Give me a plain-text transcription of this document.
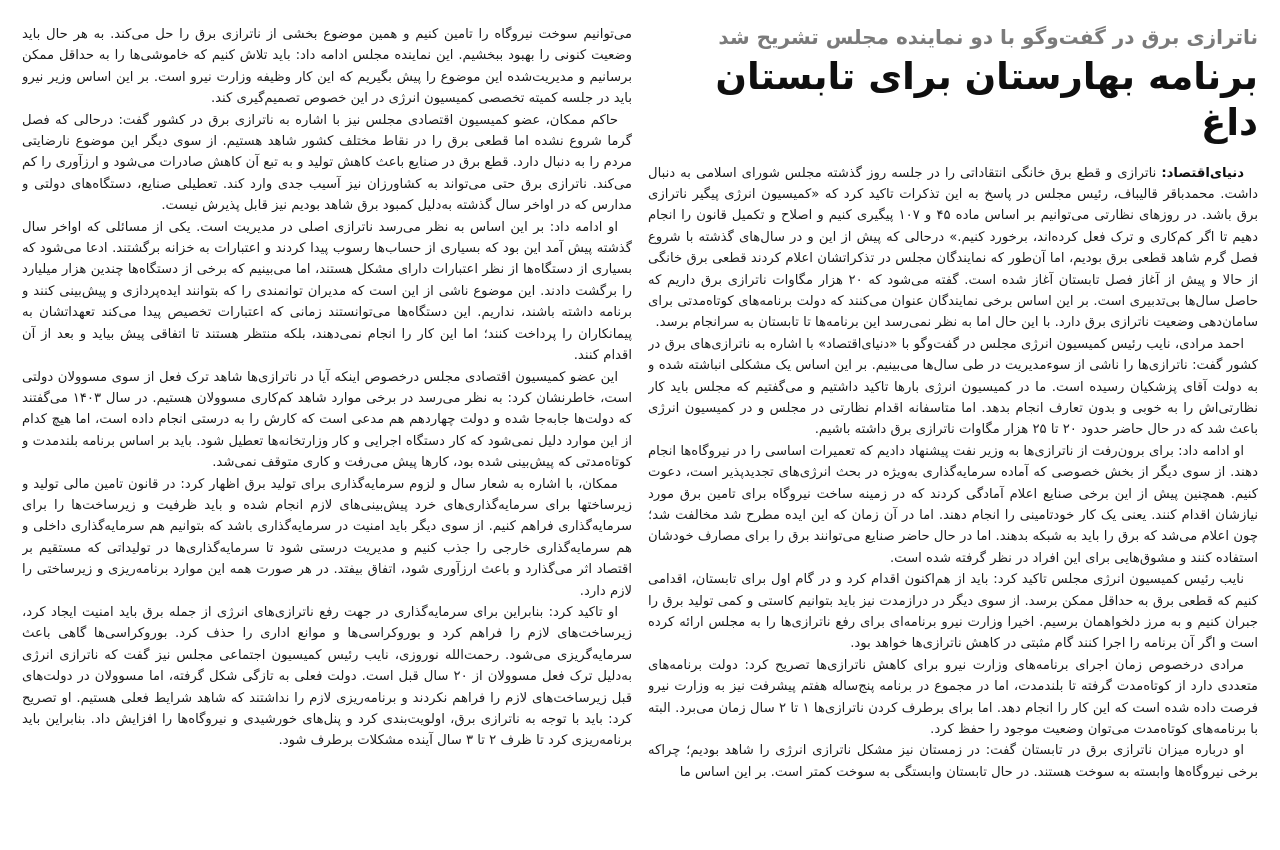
ناترازی برق در گفت‌وگو با دو نماینده مجلس تشریح شد
برنامه بهارستان برای تابستان داغ

دنیای‌اقتصاد: ناترازی و قطع برق خانگی انتقاداتی را در جلسه روز گذشته مجلس شورای اسلامی به دنبال داشت. محمدباقر قالیباف، رئیس مجلس در پاسخ به این تذکرات تاکید کرد که «کمیسیون انرژی پیگیر ناترازی برق باشد. در روزهای نظارتی می‌توانیم بر اساس ماده ۴۵ و ۱۰۷ پیگیری کنیم و اصلاح و تکمیل قانون را انجام دهیم تا اگر کم‌کاری و ترک فعل کرده‌اند، برخورد کنیم.» درحالی که پیش از این و در سال‌های گذشته با شروع فصل گرم شاهد قطعی برق بودیم، اما آن‌طور که نمایندگان مجلس در تذکراتشان اعلام کردند قطعی برق خانگی از حالا و پیش از آغاز فصل تابستان آغاز شده است. گفته می‌شود که ۲۰ هزار مگاوات ناترازی برق داریم که حاصل سال‌ها بی‌تدبیری است. بر این اساس برخی نمایندگان عنوان می‌کنند که دولت برنامه‌های کوتاه‌مدتی برای سامان‌دهی وضعیت ناترازی برق دارد. با این حال اما به نظر نمی‌رسد این برنامه‌ها تا تابستان به سرانجام برسد.

احمد مرادی، نایب رئیس کمیسیون انرژی مجلس در گفت‌وگو با «دنیای‌اقتصاد» با اشاره به ناترازی‌های برق در کشور گفت: ناترازی‌ها را ناشی از سوءمدیریت در طی سال‌ها می‌بینیم. بر این اساس یک مشکلی انباشته شده و به دولت آقای پزشکیان رسیده است. ما در کمیسیون انرژی بارها تاکید داشتیم و می‌گفتیم که مجلس باید کار نظارتی‌اش را به خوبی و بدون تعارف انجام بدهد. اما متاسفانه اقدام نظارتی در مجلس و در کمیسیون انرژی باعث شد که در حال حاضر حدود ۲۰ تا ۲۵ هزار مگاوات ناترازی برق داشته باشیم.

او ادامه داد: برای برون‌رفت از ناترازی‌ها به وزیر نفت پیشنهاد دادیم که تعمیرات اساسی را در نیروگاه‌ها انجام دهند. از سوی دیگر از بخش خصوصی که آماده سرمایه‌گذاری به‌ویژه در بحث انرژی‌های تجدیدپذیر است، دعوت کنیم. همچنین پیش از این برخی صنایع اعلام آمادگی کردند که در زمینه ساخت نیروگاه برای تامین برق مورد نیازشان اقدام کنند. یعنی یک کار خودتامینی را انجام دهند. اما در آن زمان که این ایده مطرح شد مخالفت شد؛ چون اعلام می‌شد که برق را باید به شبکه بدهند. اما در حال حاضر صنایع می‌توانند برق را برای مصارف خودشان استفاده کنند و مشوق‌هایی برای این افراد در نظر گرفته شده است.

نایب رئیس کمیسیون انرژی مجلس تاکید کرد: باید از هم‌اکنون اقدام کرد و در گام اول برای تابستان، اقدامی کنیم که قطعی برق به حداقل ممکن برسد. از سوی دیگر در درازمدت نیز باید بتوانیم کاستی و کمی تولید برق را جبران کنیم و به مرز دلخواهمان برسیم. اخیرا وزارت نیرو برنامه‌ای برای رفع ناترازی‌ها را به مجلس ارائه کرده است و اگر آن برنامه را اجرا کنند گام مثبتی در کاهش ناترازی‌ها خواهد بود.

مرادی درخصوص زمان اجرای برنامه‌های وزارت نیرو برای کاهش ناترازی‌ها تصریح کرد: دولت برنامه‌های متعددی دارد از کوتاه‌مدت گرفته تا بلندمدت، اما در مجموع در برنامه پنج‌ساله هفتم پیشرفت نیز به وزارت نیرو فرصت داده شده است که این کار را انجام دهد. اما برای برطرف کردن ناترازی‌ها ۱ تا ۲ سال زمان می‌برد. البته با برنامه‌های کوتاه‌مدت می‌توان وضعیت موجود را حفظ کرد.

او درباره میزان ناترازی برق در تابستان گفت: در زمستان نیز مشکل ناترازی انرژی را شاهد بودیم؛ چراکه برخی نیروگاه‌ها وابسته به سوخت هستند. در حال تابستان وابستگی به سوخت کمتر است. بر این اساس ما

می‌توانیم سوخت نیروگاه را تامین کنیم و همین موضوع بخشی از ناترازی برق را حل می‌کند. به هر حال باید وضعیت کنونی را بهبود ببخشیم. این نماینده مجلس ادامه داد: باید تلاش کنیم که خاموشی‌ها را به حداقل ممکن برسانیم و مدیریت‌شده این موضوع را پیش بگیریم که این کار وظیفه وزارت نیرو است. بر این اساس وزیر نیرو باید در جلسه کمیته تخصصی کمیسیون انرژی در این خصوص تصمیم‌گیری کند.

حاکم ممکان، عضو کمیسیون اقتصادی مجلس نیز با اشاره به ناترازی برق در کشور گفت: درحالی که فصل گرما شروع نشده اما قطعی برق را در نقاط مختلف کشور شاهد هستیم. از سوی دیگر این موضوع نارضایتی مردم را به دنبال دارد. قطع برق در صنایع باعث کاهش تولید و به تبع آن کاهش صادرات می‌شود و ارزآوری را کم می‌کند. ناترازی برق حتی می‌تواند به کشاورزان نیز آسیب جدی وارد کند. تعطیلی صنایع، دستگاه‌های دولتی و مدارس که در اواخر سال گذشته به‌دلیل کمبود برق شاهد بودیم نیز قابل پذیرش نیست.

او ادامه داد: بر این اساس به نظر می‌رسد ناترازی اصلی در مدیریت است. یکی از مسائلی که اواخر سال گذشته پیش آمد این بود که بسیاری از حساب‌ها رسوب پیدا کردند و اعتبارات به خزانه برگشتند. ادعا می‌شود که بسیاری از دستگاه‌ها از نظر اعتبارات دارای مشکل هستند، اما می‌بینیم که برخی از دستگاه‌ها چندین هزار میلیارد را برگشت دادند. این موضوع ناشی از این است که مدیران توانمندی را که بتوانند ایده‌پردازی و پیش‌بینی کنند و برنامه داشته باشند، نداریم. این دستگاه‌ها می‌توانستند زمانی که اعتبارات تخصیص پیدا می‌کند تعهداتشان به پیمانکاران را پرداخت کنند؛ اما این کار را انجام نمی‌دهند، بلکه منتظر هستند تا اتفاقی پیش بیاید و بعد از آن اقدام کنند.

این عضو کمیسیون اقتصادی مجلس درخصوص اینکه آیا در ناترازی‌ها شاهد ترک فعل از سوی مسوولان دولتی است، خاطرنشان کرد: به نظر می‌رسد در برخی موارد شاهد کم‌کاری مسوولان هستیم. در سال ۱۴۰۳ می‌گفتند که دولت‌ها جابه‌جا شده و دولت چهاردهم هم مدعی است که کارش را به درستی انجام داده است، اما هیچ کدام از این موارد دلیل نمی‌شود که کار دستگاه اجرایی و کار وزارتخانه‌ها تعطیل شود. باید بر اساس برنامه بلندمدت و کوتاه‌مدتی که پیش‌بینی شده بود، کارها پیش می‌رفت و کاری متوقف نمی‌شد.

ممکان، با اشاره به شعار سال و لزوم سرمایه‌گذاری برای تولید برق اظهار کرد: در قانون تامین مالی تولید و زیرساختها برای سرمایه‌گذاری‌های خرد پیش‌بینی‌های لازم انجام شده و باید ظرفیت و زیرساخت‌ها را برای سرمایه‌گذاری فراهم کنیم. از سوی دیگر باید امنیت در سرمایه‌گذاری باشد که بتوانیم هم سرمایه‌گذاری داخلی و هم سرمایه‌گذاری خارجی را جذب کنیم و مدیریت درستی شود تا سرمایه‌گذاری‌ها در تولیداتی که مستقیم بر اقتصاد اثر می‌گذارد و باعث ارزآوری شود، اتفاق بیفتد. در هر صورت همه این موارد برنامه‌ریزی و زیرساختی را لازم دارد.

او تاکید کرد: بنابراین برای سرمایه‌گذاری در جهت رفع ناترازی‌های انرژی از جمله برق باید امنیت ایجاد کرد، زیرساخت‌های لازم را فراهم کرد و بوروکراسی‌ها و موانع اداری را حذف کرد. بوروکراسی‌ها گاهی باعث سرمایه‌گریزی می‌شود. رحمت‌الله نوروزی، نایب رئیس کمیسیون اجتماعی مجلس نیز گفت که ناترازی انرژی به‌دلیل ترک فعل مسوولان از ۲۰ سال قبل است. دولت فعلی به تازگی شکل گرفته، اما مسوولان در دولت‌های قبل زیرساخت‌های لازم را فراهم نکردند و برنامه‌ریزی لازم را نداشتند که شاهد شرایط فعلی هستیم. او تصریح کرد: باید با توجه به ناترازی برق، اولویت‌بندی کرد و پنل‌های خورشیدی و نیروگاه‌ها را افزایش داد. بنابراین باید برنامه‌ریزی کرد تا ظرف ۲ تا ۳ سال آینده مشکلات برطرف شود.
